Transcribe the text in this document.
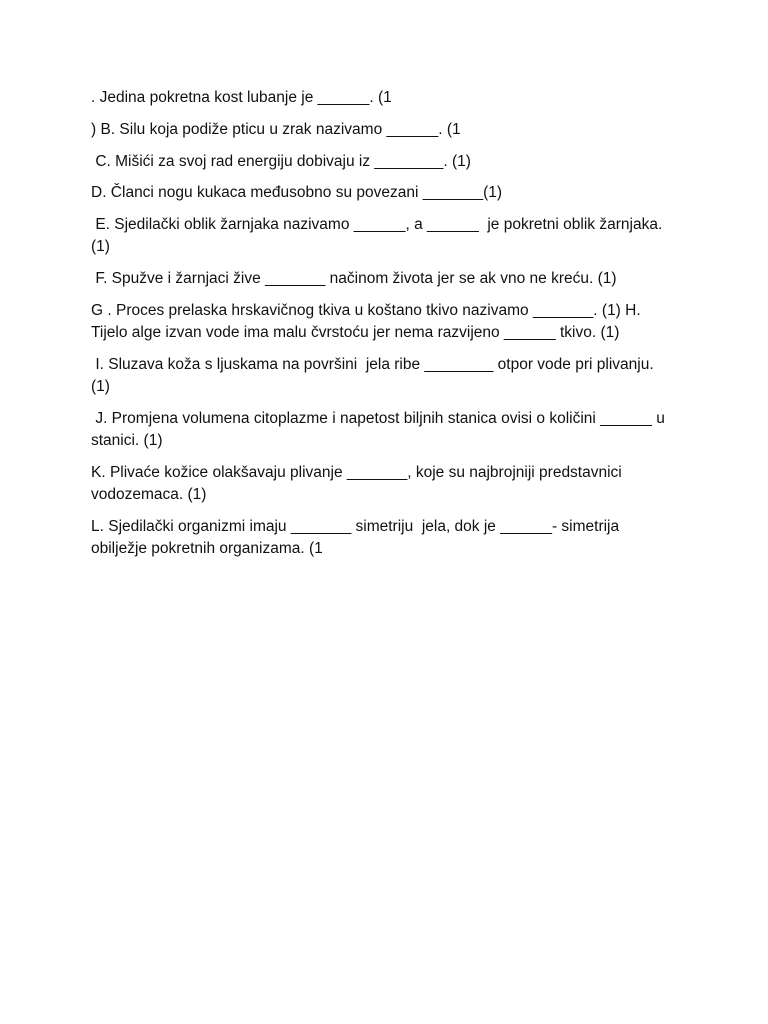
. Jedina pokretna kost lubanje je ______. (1

) B. Silu koja podiže pticu u zrak nazivamo ______. (1

C. Mišići za svoj rad energiju dobivaju iz ________. (1)

D. Članci nogu kukaca međusobno su povezani _______(1)

E. Sjedilački oblik žarnjaka nazivamo ______, a ______  je pokretni oblik žarnjaka. (1)

F. Spužve i žarnjaci žive _______ načinom života jer se ak vno ne kreću. (1)

G . Proces prelaska hrskavičnog tkiva u koštano tkivo nazivamo _______. (1) H. Tijelo alge izvan vode ima malu čvrstoću jer nema razvijeno ______ tkivo. (1)

I. Sluzava koža s ljuskama na površini  jela ribe ________ otpor vode pri plivanju. (1)

J. Promjena volumena citoplazme i napetost biljnih stanica ovisi o količini ______ u stanici. (1)

K. Plivaće kožice olakšavaju plivanje _______, koje su najbrojniji predstavnici vodozemaca. (1)

L. Sjedilački organizmi imaju _______ simetriju  jela, dok je ______- simetrija obilježje pokretnih organizama. (1
